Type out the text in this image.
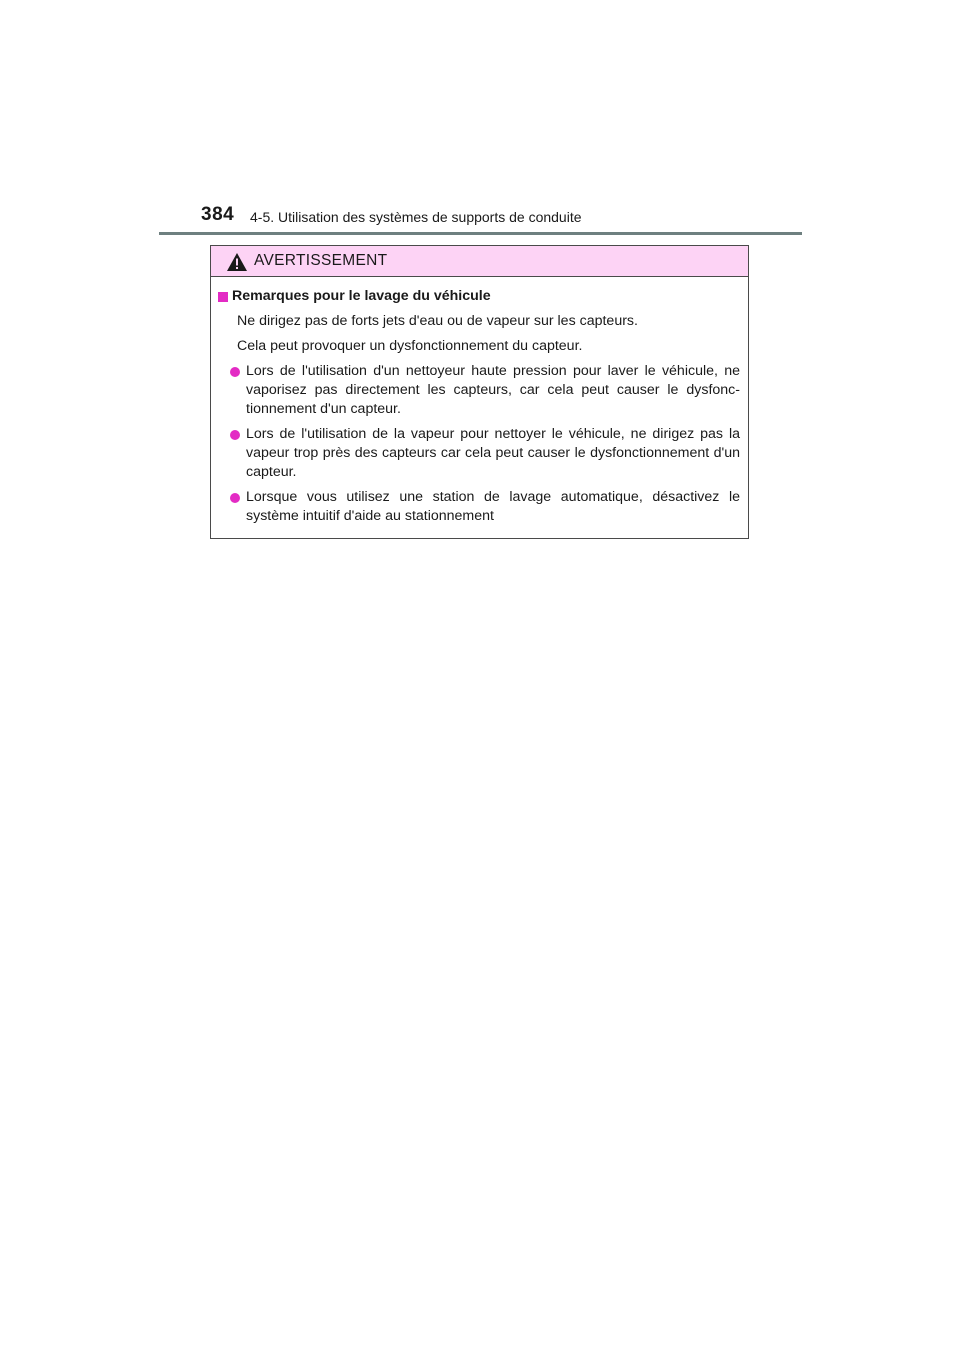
384 4-5. Utilisation des systèmes de supports de conduite
AVERTISSEMENT
Remarques pour le lavage du véhicule
Ne dirigez pas de forts jets d'eau ou de vapeur sur les capteurs.
Cela peut provoquer un dysfonctionnement du capteur.
Lors de l'utilisation d'un nettoyeur haute pression pour laver le véhicule, ne vaporisez pas directement les capteurs, car cela peut causer le dysfonc-tionnement d'un capteur.
Lors de l'utilisation de la vapeur pour nettoyer le véhicule, ne dirigez pas la vapeur trop près des capteurs car cela peut causer le dysfonctionnement d'un capteur.
Lorsque vous utilisez une station de lavage automatique, désactivez le système intuitif d'aide au stationnement
